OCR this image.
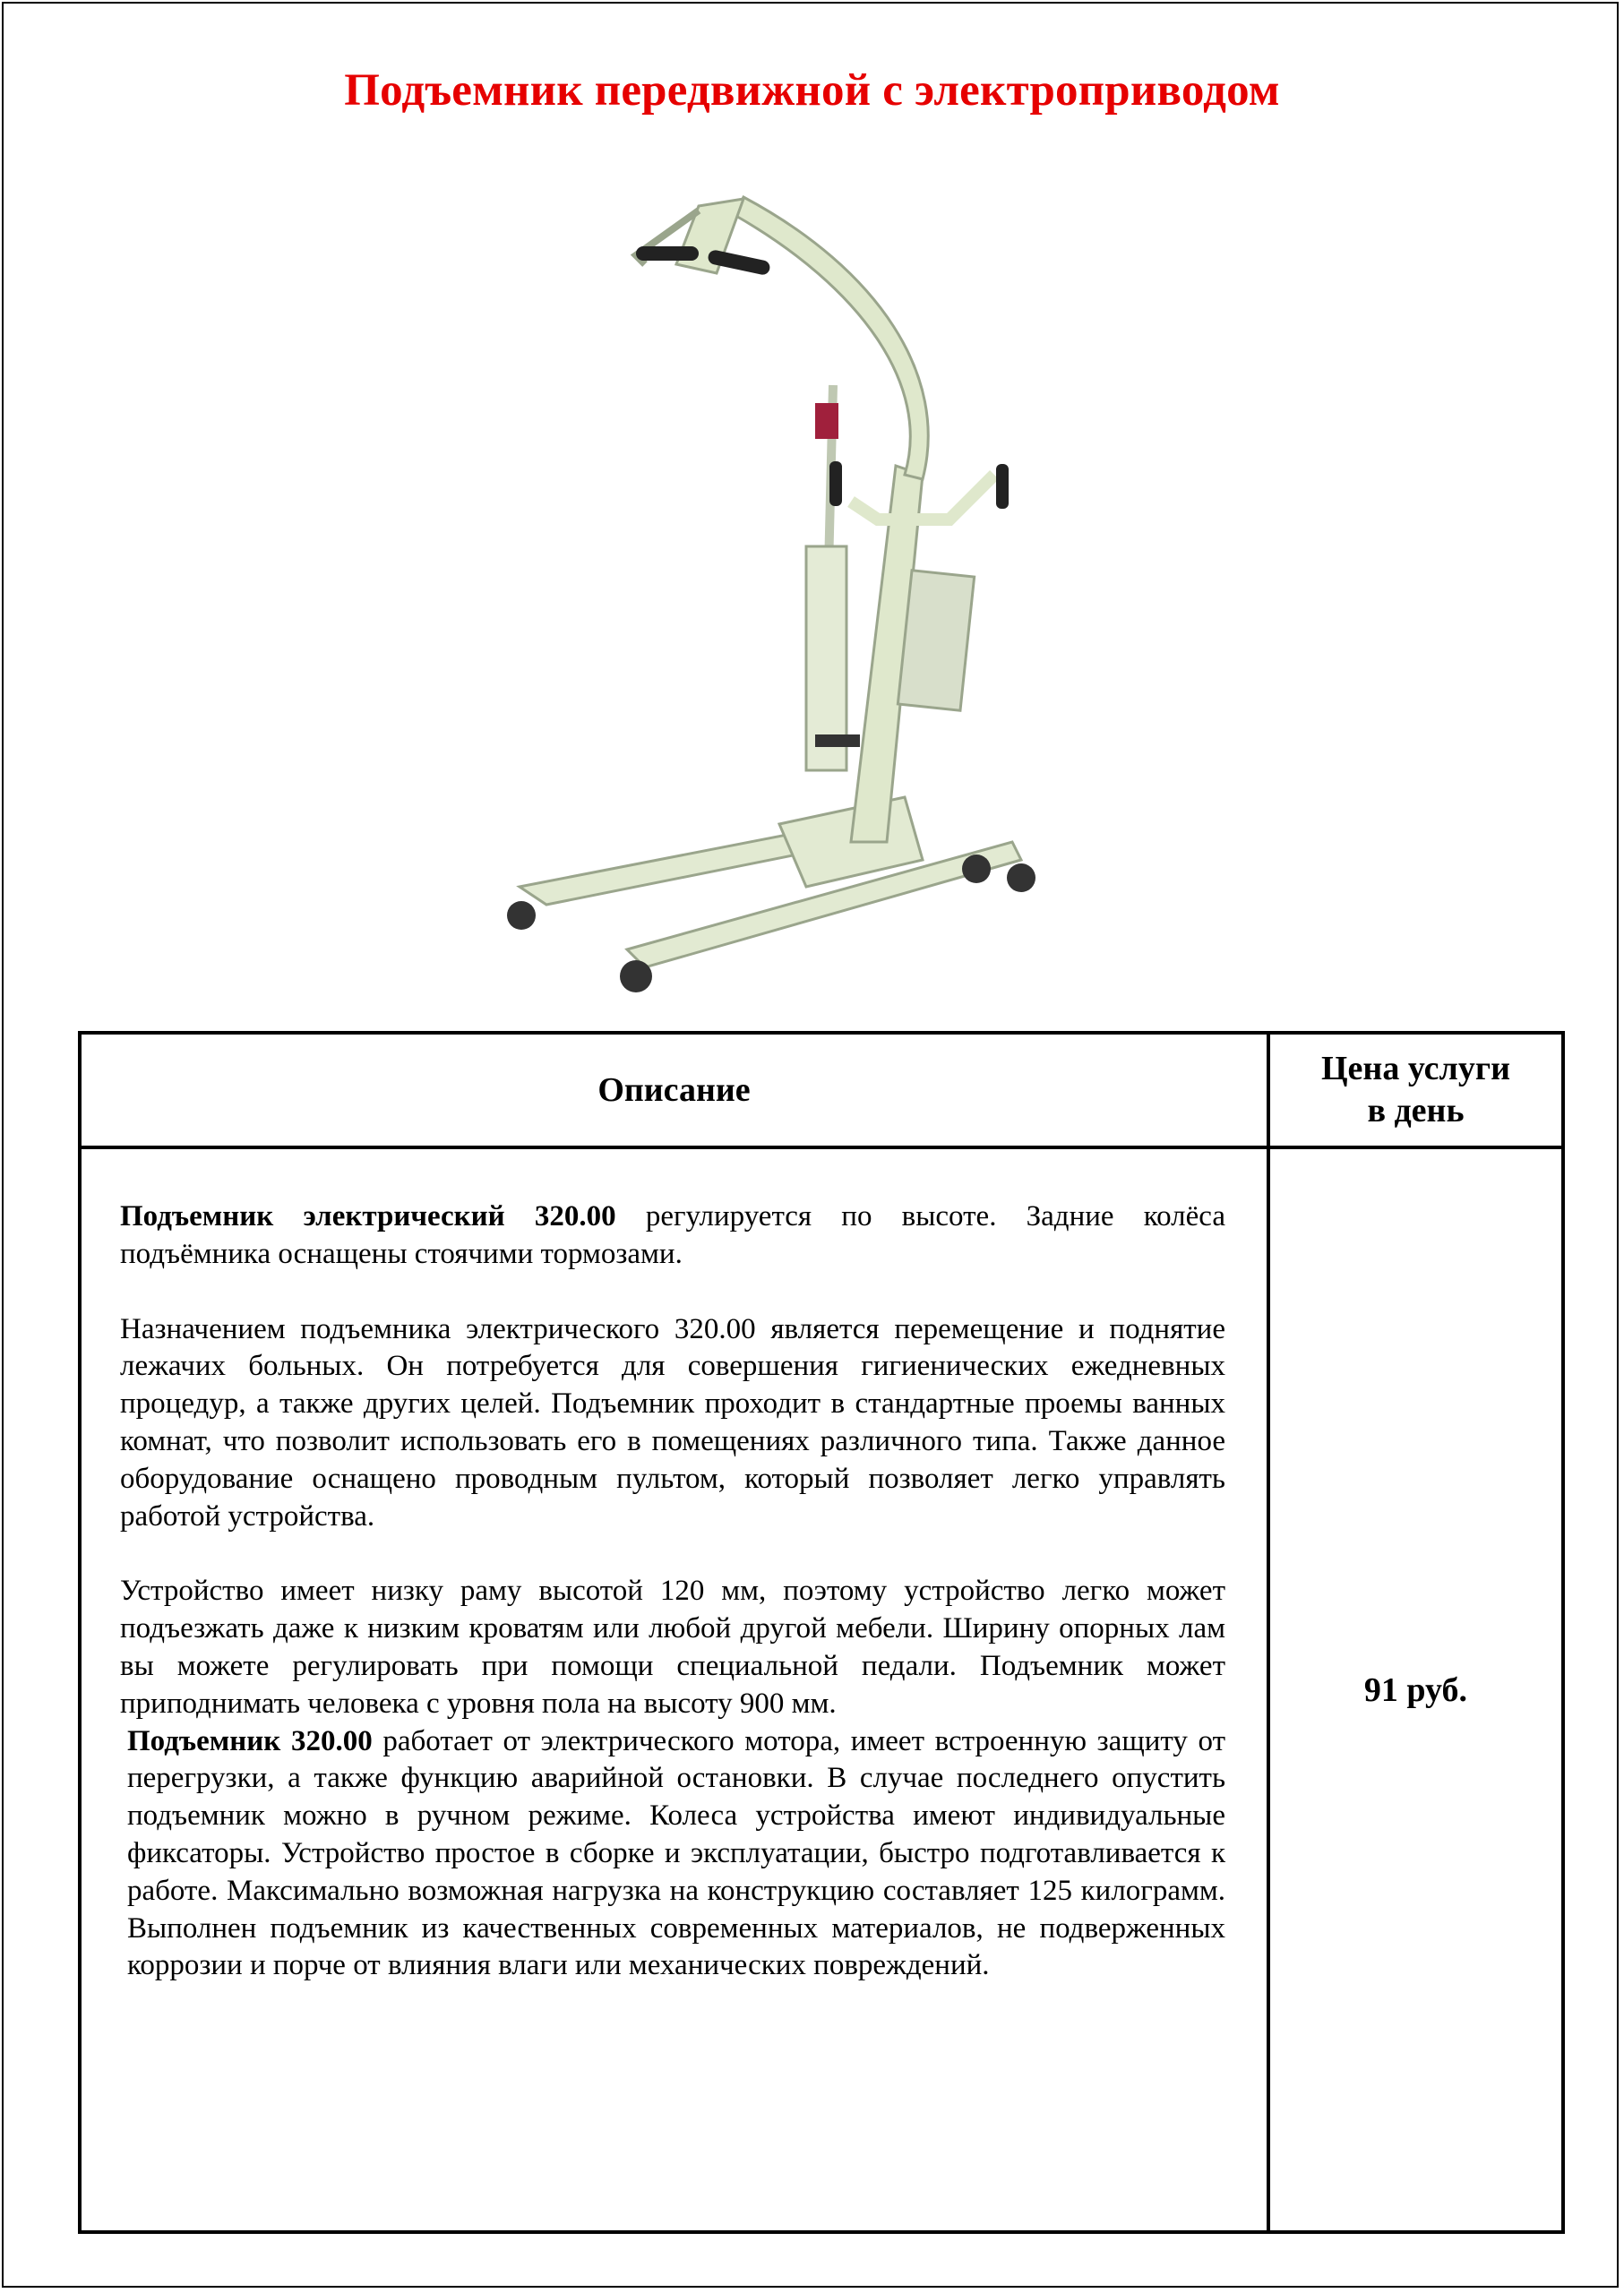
Подъемник передвижной с электроприводом
Описание	Цена услуги
в день

Подъемник электрический 320.00 регулируется по высоте. Задние колёса подъёмника оснащены стоячими тормозами.

Назначением подъемника электрического 320.00 является перемещение и поднятие лежачих больных. Он потребуется для совершения гигиенических ежедневных процедур, а также других целей. Подъемник проходит в стандартные проемы ванных комнат, что позволит использовать его в помещениях различного типа. Также данное оборудование оснащено проводным пультом, который позволяет легко управлять работой устройства.

Устройство имеет низку раму высотой 120 мм, поэтому устройство легко может подъезжать даже к низким кроватям или любой другой мебели. Ширину опорных лам вы можете регулировать при помощи специальной педали. Подъемник может приподнимать человека с уровня пола на высоту 900 мм.

Подъемник 320.00 работает от электрического мотора, имеет встроенную защиту от перегрузки, а также функцию аварийной остановки. В случае последнего опустить подъемник можно в ручном режиме. Колеса устройства имеют индивидуальные фиксаторы. Устройство простое в сборке и эксплуатации, быстро подготавливается к работе. Максимально возможная нагрузка на конструкцию составляет 125 килограмм. Выполнен подъемник из качественных современных материалов, не подверженных коррозии и порче от влияния влаги или механических повреждений.	91 руб.
